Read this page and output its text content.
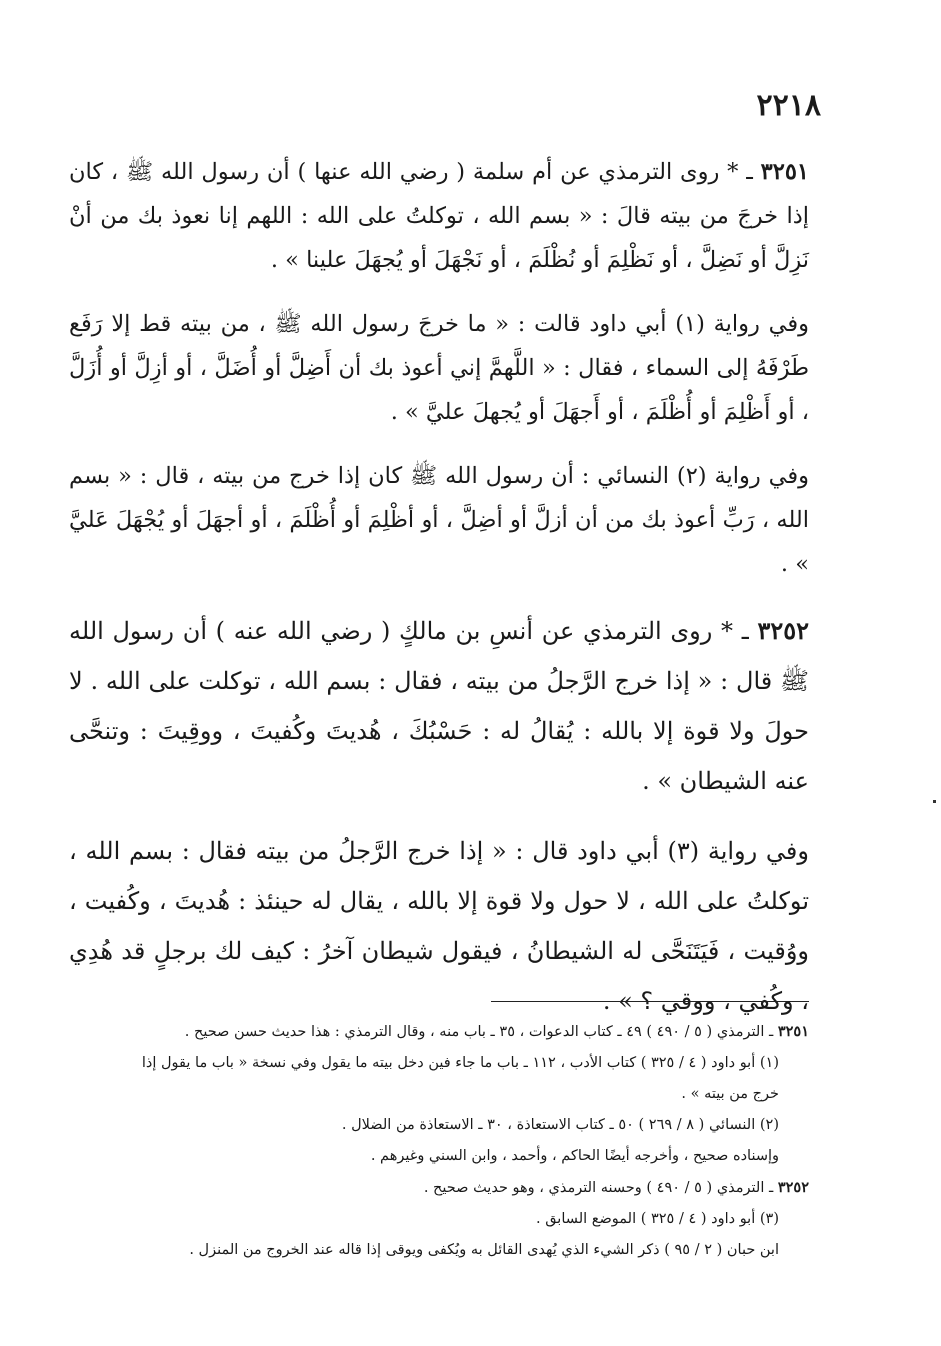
٢٢١٨

٣٢٥١ ـ * روى الترمذي عن أم سلمة ( رضي الله عنها ) أن رسول الله ﷺ ، كان إذا خرجَ من بيته قالَ : « بسم الله ، توكلتُ على الله : اللهم إنا نعوذ بك من أنْ نَزِلَّ أو نَضِلَّ ، أو نَظْلِمَ أو نُظْلَمَ ، أو نَجْهَلَ أو يُجهَلَ علينا » .

وفي رواية (١) أبي داود قالت : « ما خرجَ رسول الله ﷺ ، من بيته قط إلا رَفَع طَرْفَهُ إلى السماء ، فقال : « اللَّهمَّ إني أعوذ بك أن أَضِلَّ أو أُضَلَّ ، أو أزِلَّ أو أُزَلَّ ، أو أَظْلِمَ أو أُظْلَمَ ، أو أَجهَلَ أو يُجهلَ عليَّ » .

وفي رواية (٢) النسائي : أن رسول الله ﷺ كان إذا خرج من بيته ، قال : « بسم الله ، رَبِّ أعوذ بك من أن أزلَّ أو أضِلَّ ، أو أظْلِمَ أو أُظْلَمَ ، أو أجهَلَ أو يُجْهَلَ عَليَّ » .

٣٢٥٢ ـ * روى الترمذي عن أنسِ بن مالكٍ ( رضي الله عنه ) أن رسول الله ﷺ قال : « إذا خرج الرَّجلُ من بيته ، فقال : بسم الله ، توكلت على الله . لا حولَ ولا قوة إلا بالله : يُقالُ له : حَسْبُكَ ، هُديتَ وكُفيتَ ، ووقِيتَ : وتنحَّى عنه الشيطان » .

وفي رواية (٣) أبي داود قال : « إذا خرج الرَّجلُ من بيته فقال : بسم الله ، توكلتُ على الله ، لا حول ولا قوة إلا بالله ، يقال له حينئذ : هُديتَ ، وكُفيت ، ووُقيت ، فَيَتَنَحَّى له الشيطانُ ، فيقول شيطان آخرُ : كيف لك برجلٍ قد هُدِي ، وكُفي ، ووقي ؟ » .

٣٢٥١ ـ الترمذي ( ٥ / ٤٩٠ ) ٤٩ ـ كتاب الدعوات ، ٣٥ ـ باب منه ، وقال الترمذي : هذا حديث حسن صحيح .

(١) أبو داود ( ٤ / ٣٢٥ ) كتاب الأدب ، ١١٢ ـ باب ما جاء فين دخل بيته ما يقول وفي نسخة « باب ما يقول إذا خرج من بيته » .

(٢) النسائي ( ٨ / ٢٦٩ ) ٥٠ ـ كتاب الاستعاذة ، ٣٠ ـ الاستعاذة من الضلال .

وإسناده صحيح ، وأخرجه أيضًا الحاكم ، وأحمد ، وابن السني وغيرهم .

٣٢٥٢ ـ الترمذي ( ٥ / ٤٩٠ ) وحسنه الترمذي ، وهو حديث صحيح .

(٣) أبو داود ( ٤ / ٣٢٥ ) الموضع السابق .

ابن حبان ( ٢ / ٩٥ ) ذكر الشيء الذي يُهدى القائل به ويُكفى ويوقى إذا قاله عند الخروج من المنزل .
